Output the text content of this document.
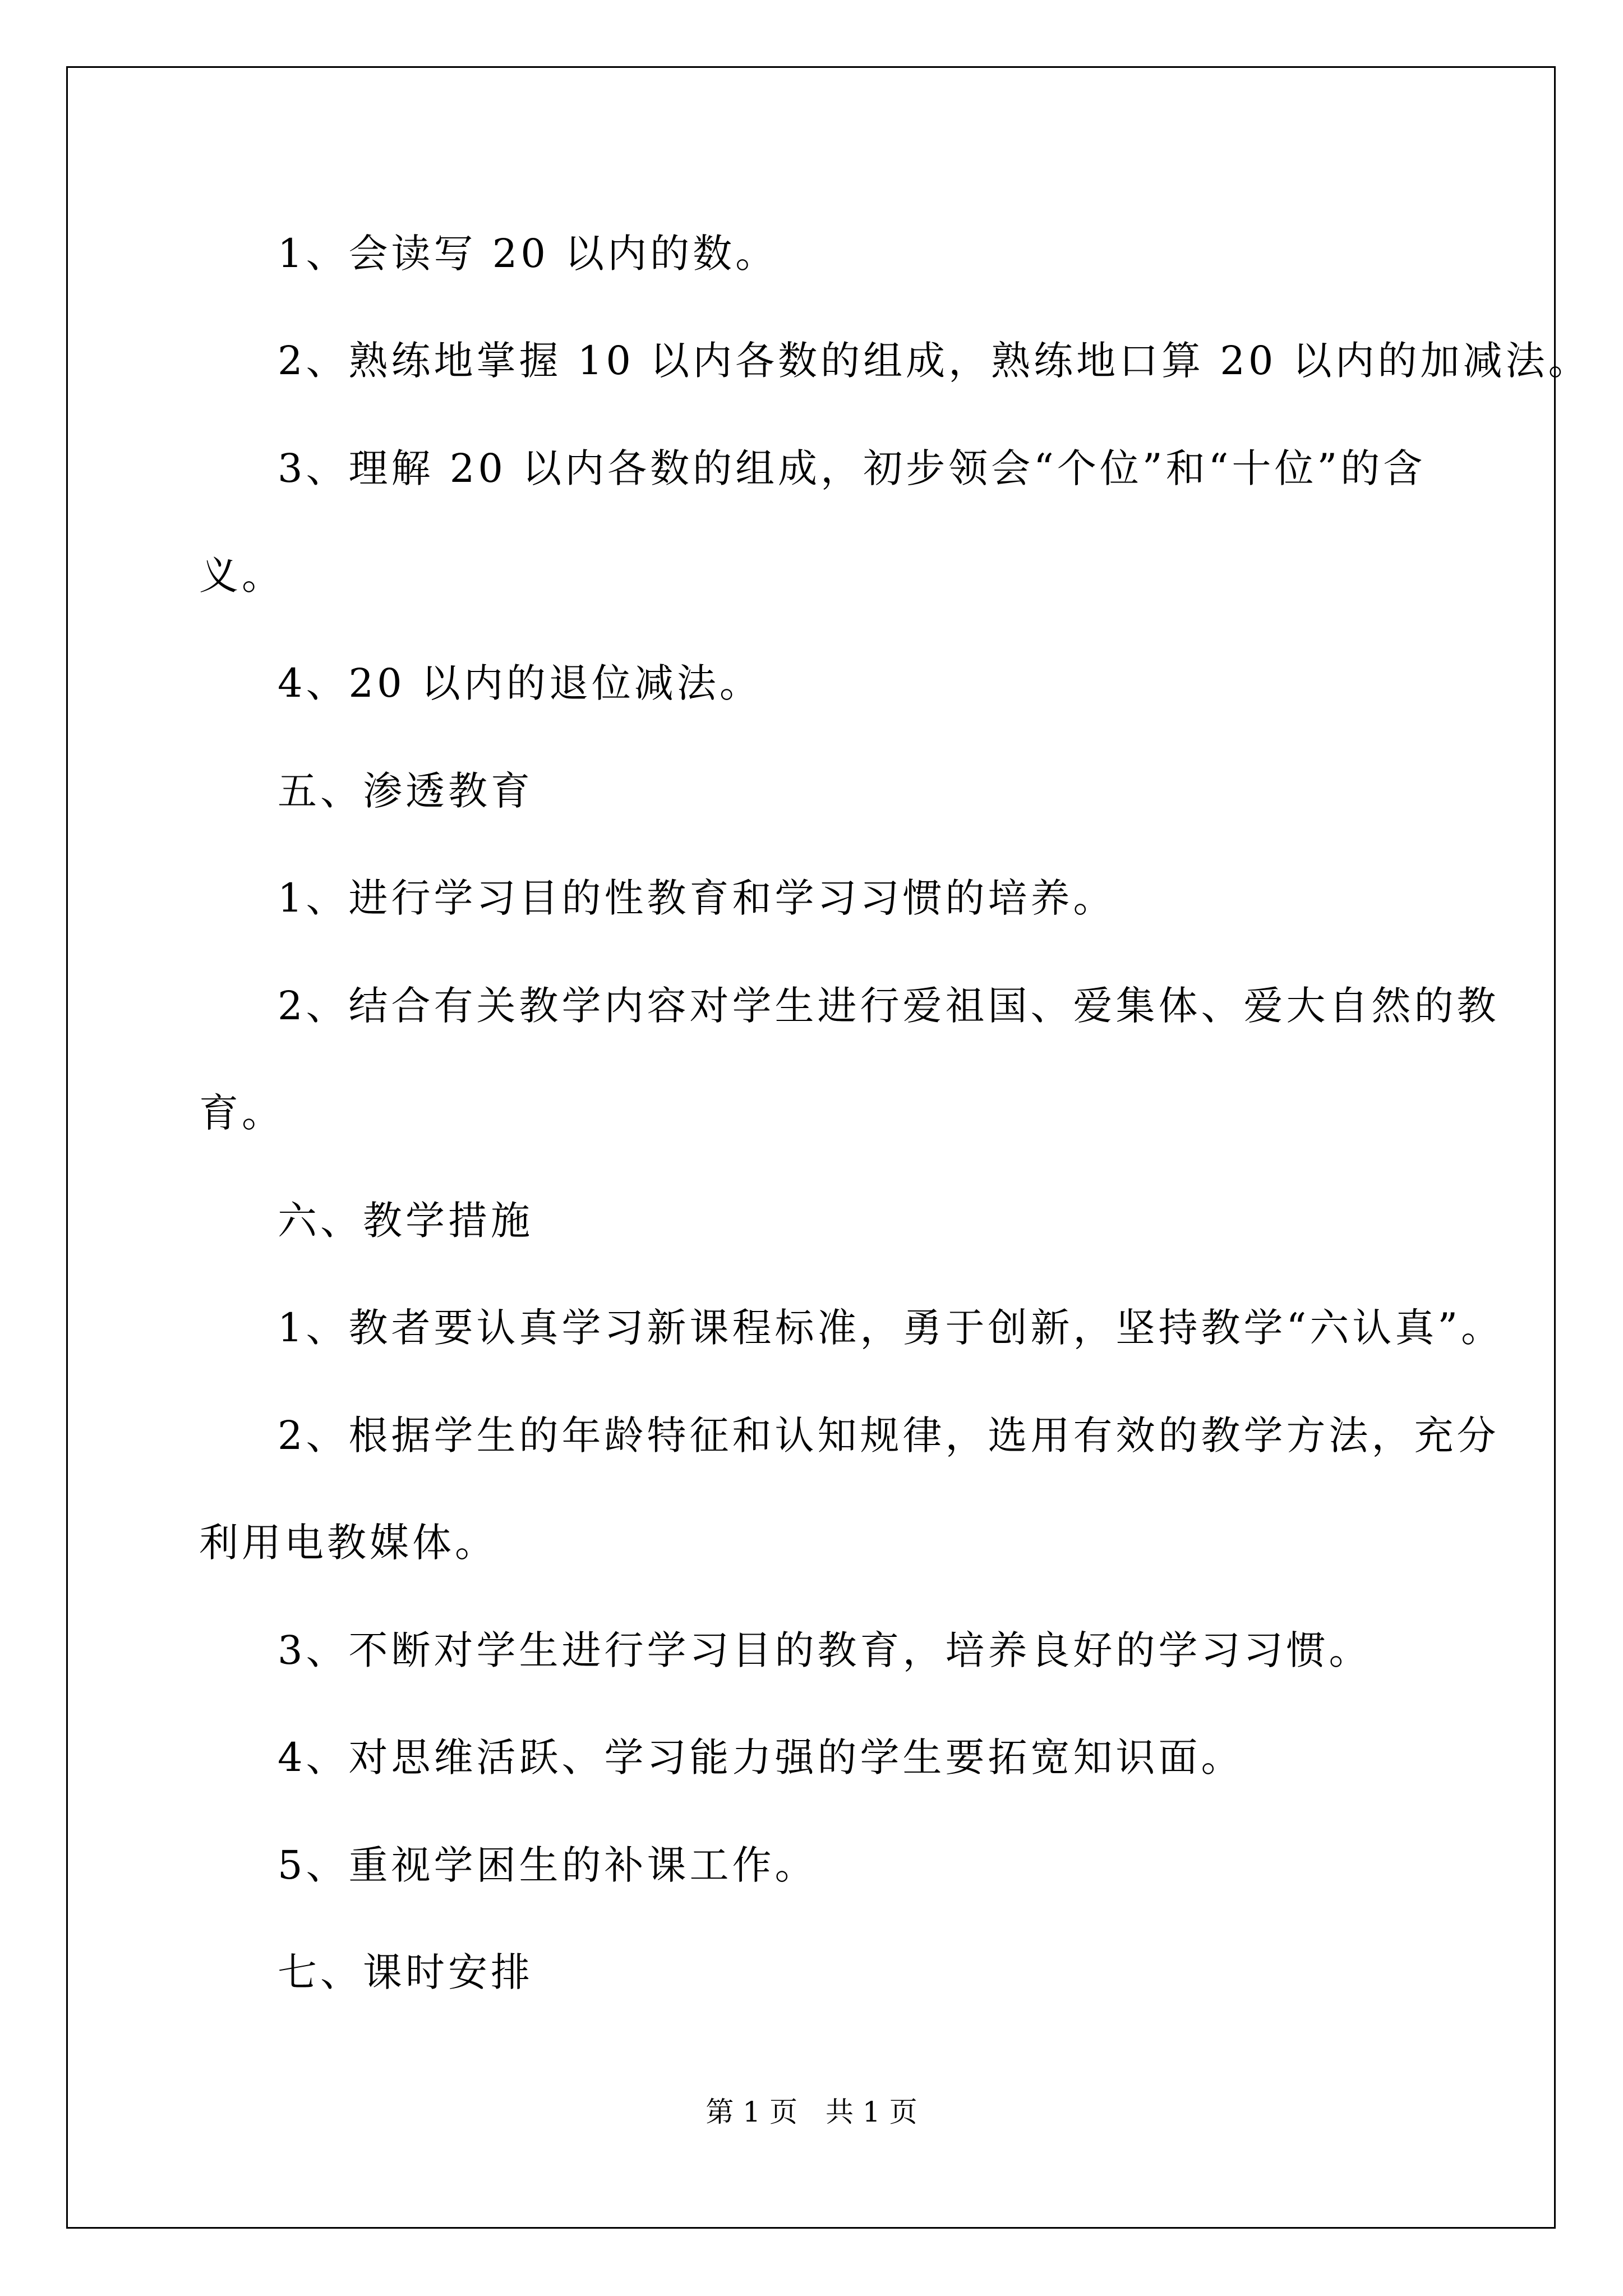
1、会读写 20 以内的数。
2、熟练地掌握 10 以内各数的组成，熟练地口算 20 以内的加减法。
3、理解 20 以内各数的组成，初步领会“个位”和“十位”的含
义。
4、20 以内的退位减法。
五、渗透教育
1、进行学习目的性教育和学习习惯的培养。
2、结合有关教学内容对学生进行爱祖国、爱集体、爱大自然的教
育。
六、教学措施
1、教者要认真学习新课程标准，勇于创新，坚持教学“六认真”。
2、根据学生的年龄特征和认知规律，选用有效的教学方法，充分
利用电教媒体。
3、不断对学生进行学习目的教育，培养良好的学习习惯。
4、对思维活跃、学习能力强的学生要拓宽知识面。
5、重视学困生的补课工作。
七、课时安排
第 1 页　共 1 页
